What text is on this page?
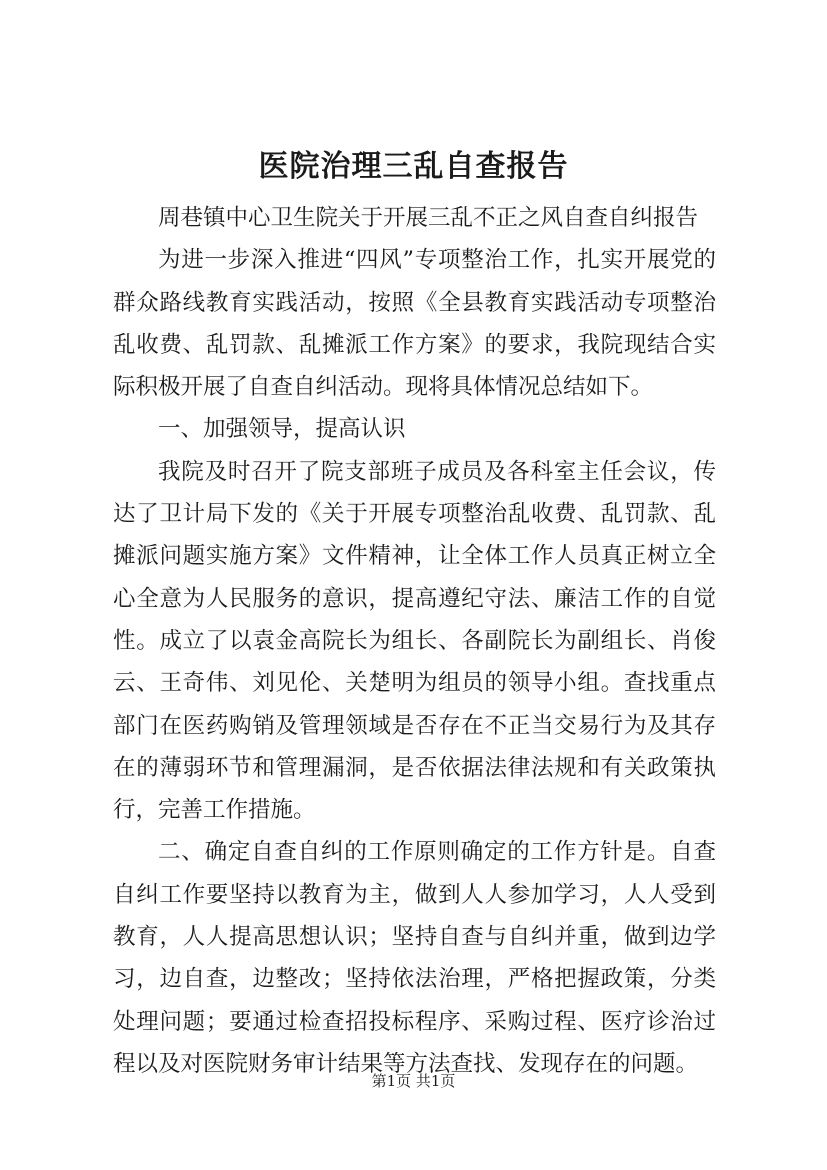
医院治理三乱自查报告

周巷镇中心卫生院关于开展三乱不正之风自查自纠报告

为进一步深入推进“四风”专项整治工作，扎实开展党的群众路线教育实践活动，按照《全县教育实践活动专项整治乱收费、乱罚款、乱摊派工作方案》的要求，我院现结合实际积极开展了自查自纠活动。现将具体情况总结如下。

一、加强领导，提高认识

我院及时召开了院支部班子成员及各科室主任会议，传达了卫计局下发的《关于开展专项整治乱收费、乱罚款、乱摊派问题实施方案》文件精神，让全体工作人员真正树立全心全意为人民服务的意识，提高遵纪守法、廉洁工作的自觉性。成立了以袁金高院长为组长、各副院长为副组长、肖俊云、王奇伟、刘见伦、关楚明为组员的领导小组。查找重点部门在医药购销及管理领域是否存在不正当交易行为及其存在的薄弱环节和管理漏洞，是否依据法律法规和有关政策执行，完善工作措施。

二、确定自查自纠的工作原则确定的工作方针是。自查自纠工作要坚持以教育为主，做到人人参加学习，人人受到教育，人人提高思想认识；坚持自查与自纠并重，做到边学习，边自查，边整改；坚持依法治理，严格把握政策，分类处理问题；要通过检查招投标程序、采购过程、医疗诊治过程以及对医院财务审计结果等方法查找、发现存在的问题。

第1页 共1页
